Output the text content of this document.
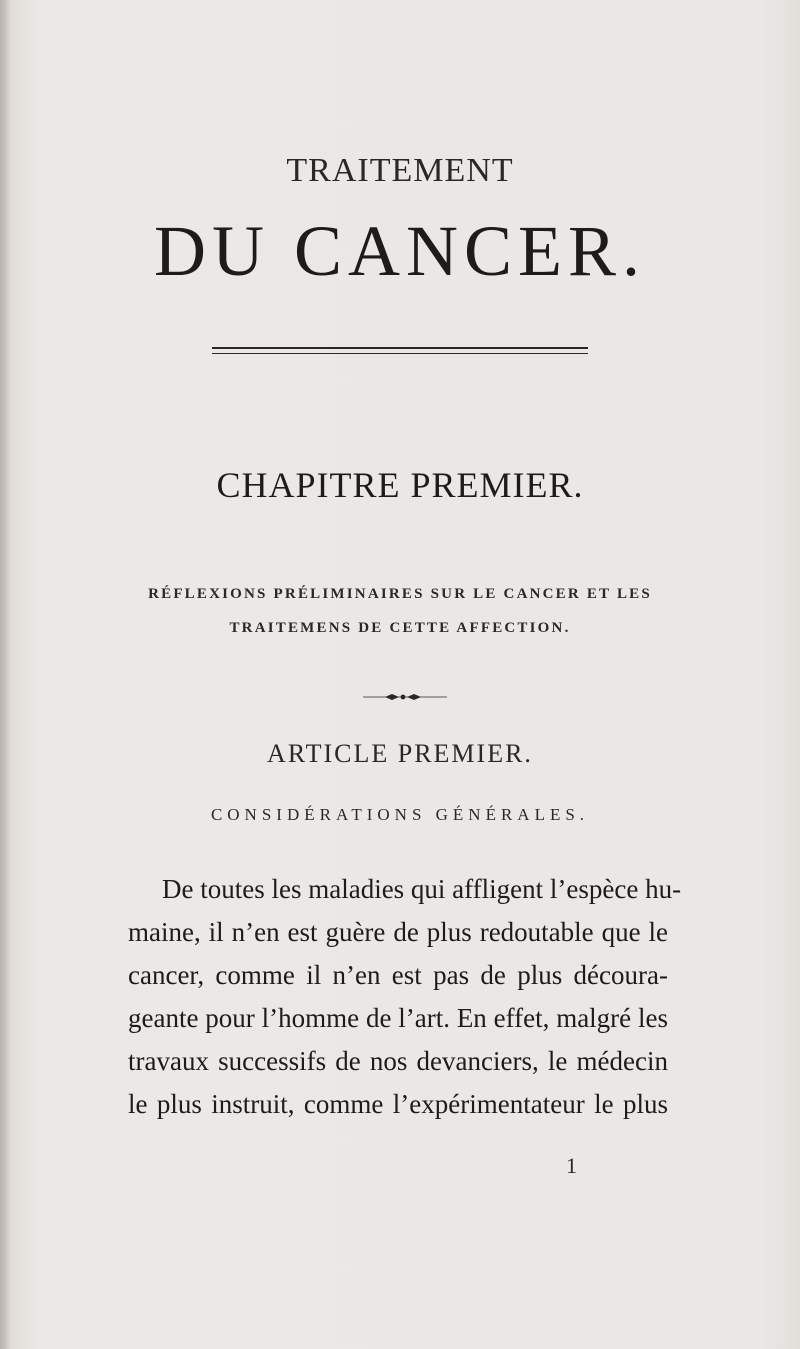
TRAITEMENT
DU CANCER.
CHAPITRE PREMIER.
RÉFLEXIONS PRÉLIMINAIRES SUR LE CANCER ET LES
TRAITEMENS DE CETTE AFFECTION.
ARTICLE PREMIER.
CONSIDÉRATIONS GÉNÉRALES.
De toutes les maladies qui affligent l’espèce hu-
maine, il n’en est guère de plus redoutable que le
cancer, comme il n’en est pas de plus découra-
geante pour l’homme de l’art. En effet, malgré les
travaux successifs de nos devanciers, le médecin
le plus instruit, comme l’expérimentateur le plus
1
